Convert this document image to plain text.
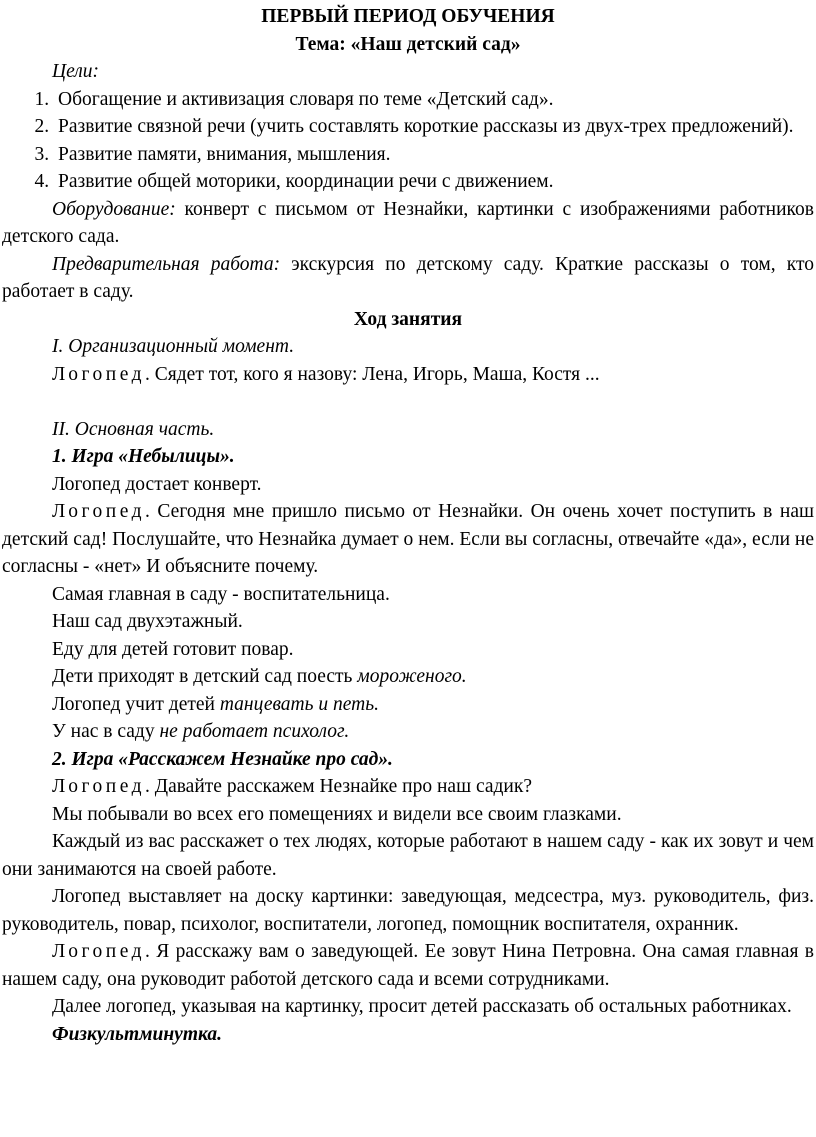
ПЕРВЫЙ ПЕРИОД ОБУЧЕНИЯ
Тема: «Наш детский сад»

Цели:

1. Обогащение и активизация словаря по теме «Детский сад».
2. Развитие связной речи (учить составлять короткие рассказы из двух-трех предложений).
3. Развитие памяти, внимания, мышления.
4. Развитие общей моторики, координации речи с движением.

Оборудование: конверт с письмом от Незнайки, картинки с изображениями работников детского сада.

Предварительная работа: экскурсия по детскому саду. Краткие рассказы о том, кто работает в саду.

Ход занятия

I. Организационный момент.

Логопед. Сядет тот, кого я назову: Лена, Игорь, Маша, Костя ...

II. Основная часть.

1. Игра «Небылицы».

Логопед достает конверт.

Логопед. Сегодня мне пришло письмо от Незнайки. Он очень хочет поступить в наш детский сад! Послушайте, что Незнайка думает о нем. Если вы согласны, отвечайте «да», если не согласны - «нет» И объясните почему.

Самая главная в саду - воспитательница.

Наш сад двухэтажный.

Еду для детей готовит повар.

Дети приходят в детский сад поесть мороженого.

Логопед учит детей танцевать и петь.

У нас в саду не работает психолог.

2. Игра «Расскажем Незнайке про сад».

Логопед. Давайте расскажем Незнайке про наш садик?

Мы побывали во всех его помещениях и видели все своим глазками.

Каждый из вас расскажет о тех людях, которые работают в нашем саду - как их зовут и чем они занимаются на своей работе.

Логопед выставляет на доску картинки: заведующая, медсестра, муз. руководитель, физ. руководитель, повар, психолог, воспитатели, логопед, помощник воспитателя, охранник.

Логопед. Я расскажу вам о заведующей. Ее зовут Нина Петровна. Она самая главная в нашем саду, она руководит работой детского сада и всеми сотрудниками.

Далее логопед, указывая на картинку, просит детей рассказать об остальных работниках.

Физкультминутка.
